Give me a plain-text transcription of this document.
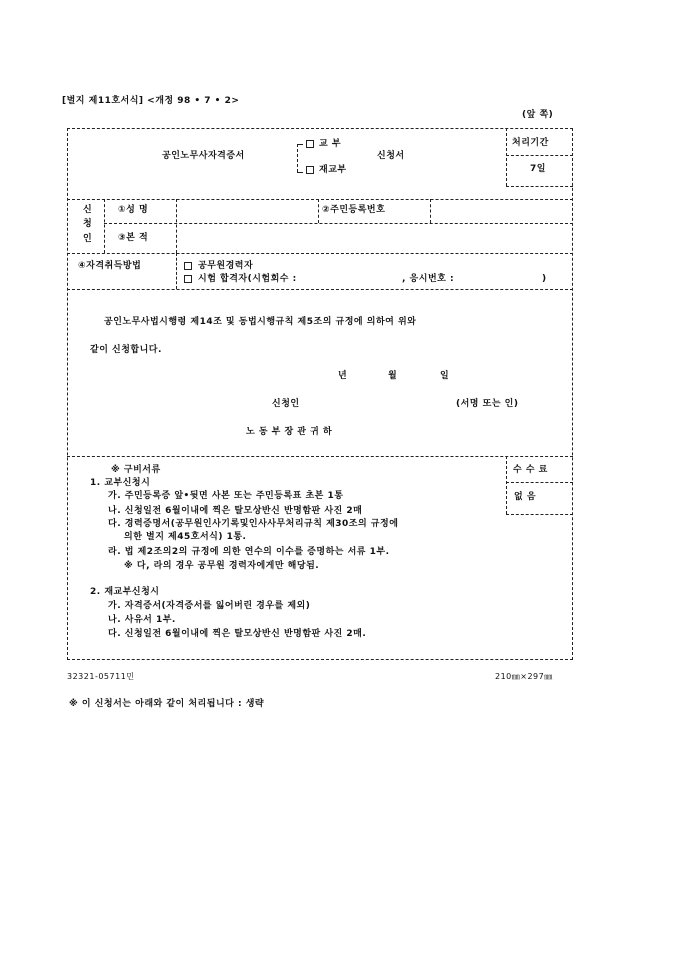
[별지 제11호서식] <개정 98 • 7 • 2>
(앞 쪽)
공인노무사자격증서
교 부
재교부
신청서
처리기간
7일
신
청
인
①성 명	②주민등록번호
③본 적
④자격취득방법	공무원경력자
시험 합격자(시험회수 :	, 응시번호 :	)
공인노무사법시행령 제14조 및 동법시행규칙 제5조의 규정에 의하여 위와
같이 신청합니다.
년	월	일
신청인	(서명 또는 인)
노 동 부 장 관 귀 하
※ 구비서류	수 수 료
없 음
1. 교부신청시
가. 주민등록증 앞•뒷면 사본 또는 주민등록표 초본 1통
나. 신청일전 6월이내에 찍은 탈모상반신 반명함판 사진 2매
다. 경력증명서(공무원인사기록및인사사무처리규칙 제30조의 규정에
의한 별지 제45호서식) 1통.
라. 법 제2조의2의 규정에 의한 연수의 이수를 증명하는 서류 1부.
※ 다, 라의 경우 공무원 경력자에게만 해당됨.
2. 재교부신청시
가. 자격증서(자격증서를 잃어버린 경우를 제외)
나. 사유서 1부.
다. 신청일전 6월이내에 찍은 탈모상반신 반명함판 사진 2매.
32321-05711민	210㎜×297㎜
※ 이 신청서는 아래와 같이 처리됩니다 : 생략
